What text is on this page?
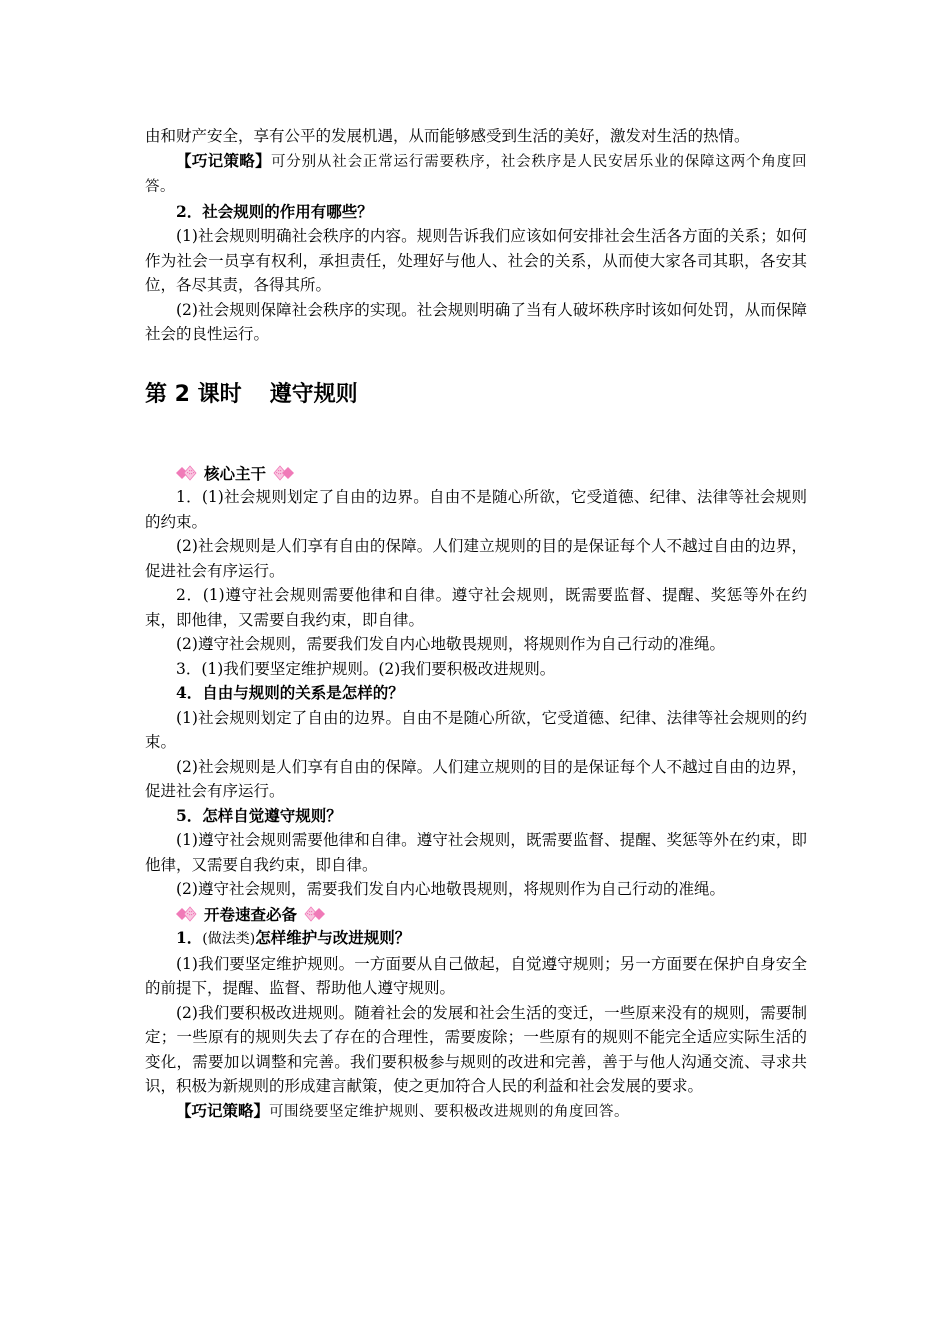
由和财产安全，享有公平的发展机遇，从而能够感受到生活的美好，激发对生活的热情。

【巧记策略】可分别从社会正常运行需要秩序，社会秩序是人民安居乐业的保障这两个角度回答。

2．社会规则的作用有哪些？

(1)社会规则明确社会秩序的内容。规则告诉我们应该如何安排社会生活各方面的关系；如何作为社会一员享有权利，承担责任，处理好与他人、社会的关系，从而使大家各司其职，各安其位，各尽其责，各得其所。

(2)社会规则保障社会秩序的实现。社会规则明确了当有人破坏秩序时该如何处罚，从而保障社会的良性运行。

第 2 课时 遵守规则
核心主干

1．(1)社会规则划定了自由的边界。自由不是随心所欲，它受道德、纪律、法律等社会规则的约束。

(2)社会规则是人们享有自由的保障。人们建立规则的目的是保证每个人不越过自由的边界，促进社会有序运行。

2．(1)遵守社会规则需要他律和自律。遵守社会规则，既需要监督、提醒、奖惩等外在约束，即他律，又需要自我约束，即自律。

(2)遵守社会规则，需要我们发自内心地敬畏规则，将规则作为自己行动的准绳。

3．(1)我们要坚定维护规则。(2)我们要积极改进规则。

4．自由与规则的关系是怎样的？

(1)社会规则划定了自由的边界。自由不是随心所欲，它受道德、纪律、法律等社会规则的约束。

(2)社会规则是人们享有自由的保障。人们建立规则的目的是保证每个人不越过自由的边界，促进社会有序运行。

5．怎样自觉遵守规则？

(1)遵守社会规则需要他律和自律。遵守社会规则，既需要监督、提醒、奖惩等外在约束，即他律，又需要自我约束，即自律。

(2)遵守社会规则，需要我们发自内心地敬畏规则，将规则作为自己行动的准绳。

开卷速查必备

1．(做法类)怎样维护与改进规则？

(1)我们要坚定维护规则。一方面要从自己做起，自觉遵守规则；另一方面要在保护自身安全的前提下，提醒、监督、帮助他人遵守规则。

(2)我们要积极改进规则。随着社会的发展和社会生活的变迁，一些原来没有的规则，需要制定；一些原有的规则失去了存在的合理性，需要废除；一些原有的规则不能完全适应实际生活的变化，需要加以调整和完善。我们要积极参与规则的改进和完善，善于与他人沟通交流、寻求共识，积极为新规则的形成建言献策，使之更加符合人民的利益和社会发展的要求。

【巧记策略】可围绕要坚定维护规则、要积极改进规则的角度回答。
